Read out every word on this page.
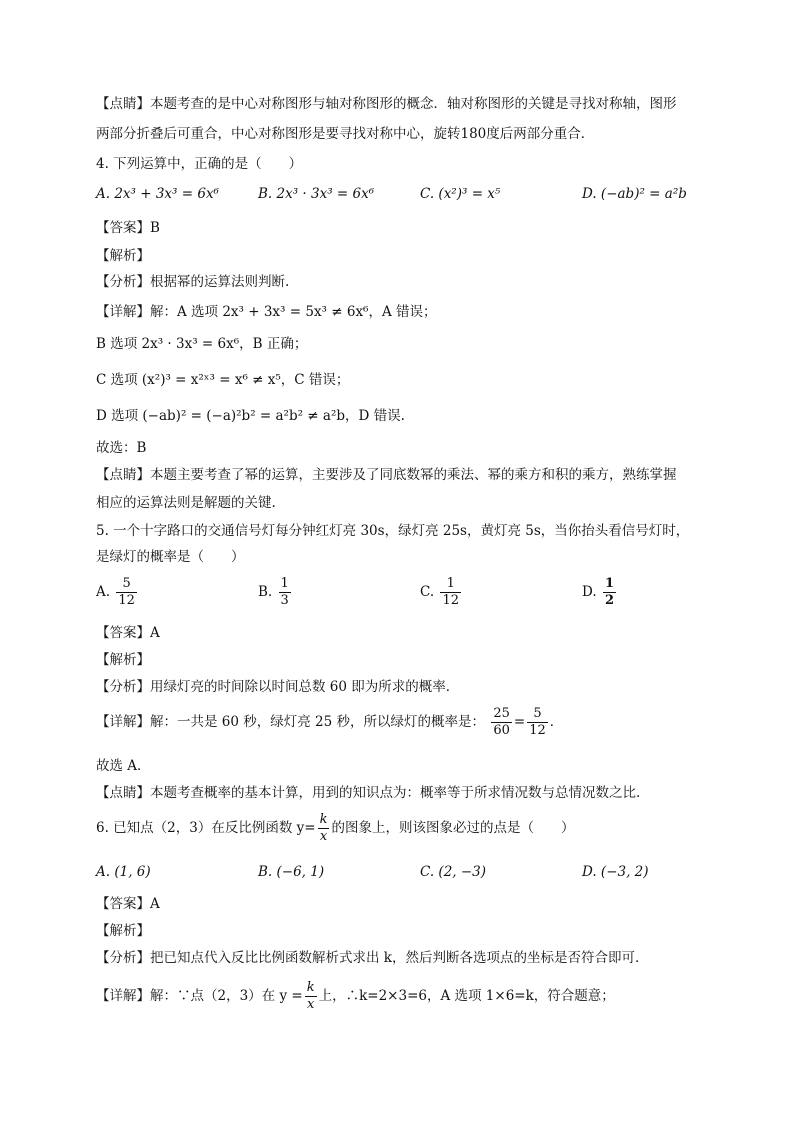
【点睛】本题考查的是中心对称图形与轴对称图形的概念．轴对称图形的关键是寻找对称轴，图形
两部分折叠后可重合，中心对称图形是要寻找对称中心，旋转180度后两部分重合．
4. 下列运算中，正确的是（　　）
A. 2x³ + 3x³ = 6x⁶	B. 2x³ · 3x³ = 6x⁶	C. (x²)³ = x⁵	D. (−ab)² = a²b
【答案】B
【解析】
【分析】根据幂的运算法则判断.
【详解】解：A 选项 2x³ + 3x³ = 5x³ ≠ 6x⁶，A 错误；
B 选项 2x³ · 3x³ = 6x⁶，B 正确；
C 选项 (x²)³ = x²ˣ³ = x⁶ ≠ x⁵，C 错误；
D 选项 (−ab)² = (−a)²b² = a²b² ≠ a²b，D 错误.
故选：B
【点睛】本题主要考查了幂的运算，主要涉及了同底数幂的乘法、幂的乘方和积的乘方，熟练掌握
相应的运算法则是解题的关键.
5. 一个十字路口的交通信号灯每分钟红灯亮 30s，绿灯亮 25s，黄灯亮 5s，当你抬头看信号灯时，
是绿灯的概率是（　　）
A. $\frac{5}{12}$	B. $\frac{1}{3}$	C. $\frac{1}{12}$	D. $\frac{1}{2}$
【答案】A
【解析】
【分析】用绿灯亮的时间除以时间总数 60 即为所求的概率．
【详解】解：一共是 60 秒，绿灯亮 25 秒，所以绿灯的概率是： $\frac{25}{60} = \frac{5}{12}$ ．
故选 A．
【点睛】本题考查概率的基本计算，用到的知识点为：概率等于所求情况数与总情况数之比.
6. 已知点（2，3）在反比例函数 $y= \frac{k}{x}$ 的图象上，则该图象必过的点是（　　）
A. (1, 6)	B. (−6, 1)	C. (2, −3)	D. (−3, 2)
【答案】A
【解析】
【分析】把已知点代入反比比例函数解析式求出 k，然后判断各选项点的坐标是否符合即可．
【详解】解：∵点（2，3）在 $y = \frac{k}{x}$ 上，∴k=2×3=6，A 选项 1×6=k，符合题意；
